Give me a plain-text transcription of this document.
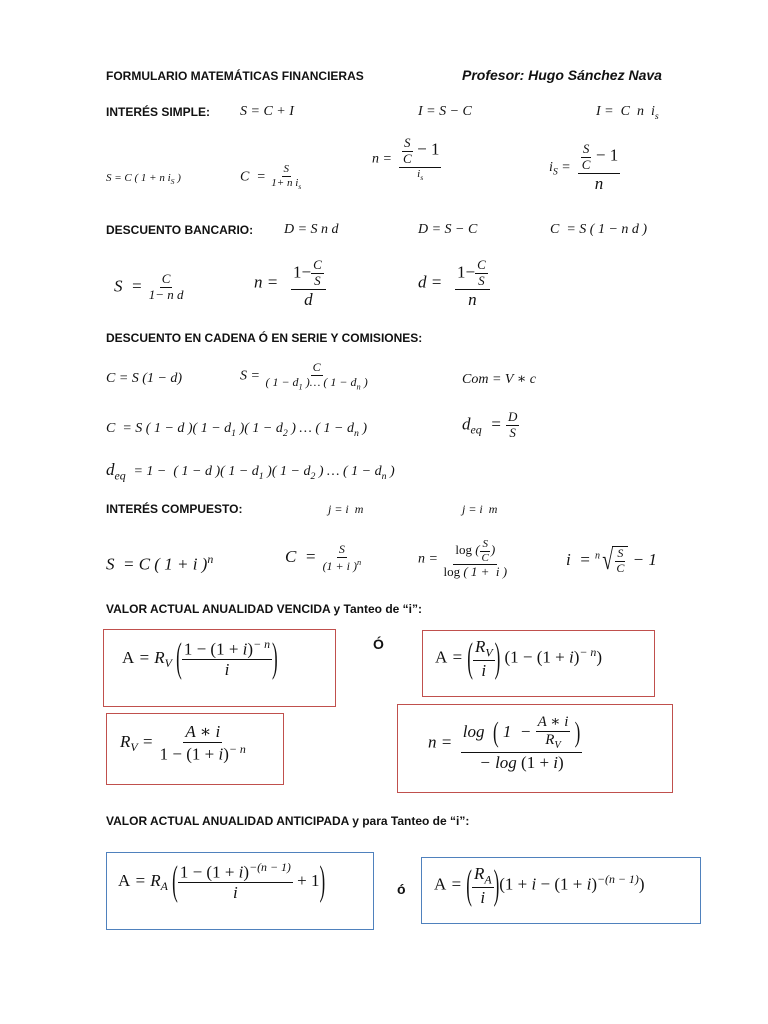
FORMULARIO MATEMÁTICAS FINANCIERAS	Profesor: Hugo Sánchez Nava
INTERÉS SIMPLE: S = C + I	I = S − C	I =  C  n  $i_s$
S = C ( 1 + n $i_S$ )	$C = \frac{S}{1+ n i_s}$
$n = \frac{\frac{S}{C} - 1}{i_s}$	$i_S = \frac{\frac{S}{C} - 1}{n}$
DESCUENTO BANCARIO: D = S n d	D = S − C	C  = S ( 1 − n d )
$S = \frac{C}{\text{1− n d}}$	$n = \frac{1- \frac{C}{S}}{d}$	$d = \frac{1- \frac{C}{S}}{n}$
DESCUENTO EN CADENA Ó EN SERIE Y COMISIONES:
C = S (1 − d)	$S = \frac{C}{( 1 - d_1 )\dots ( 1 - d_n )}$	Com = V ∗ c
C  = S ( 1 − d )( $1 - d_1$ )( $1 - d_2$ ) … ( $1 - d_n$ )	$d_{eq} = \frac{D}{S}$
$d_{eq} = 1$ −  ( 1 − d )( $1 - d_1$ )( $1 - d_2$ ) … ( $1 - d_n$ )
INTERÉS COMPUESTO:	j = i  m	j = i  m
S  = C ( 1 + i )$^n$	$C = \frac{S}{(1 + i )^n}$	$n = \frac{\log ( \frac{S}{C} )}{\log ( 1 + i )}$	i  = $^n$ √ $\frac{S}{C} - 1$
VALOR ACTUAL ANUALIDAD VENCIDA y Tanteo de “i”:
$A = R_V$ ( $\frac{1 - (1 + i)^{- n}}{i}$ )	Ó
A = ( $\frac{R_V}{i}$ ) $(1 - (1 + i)^{- n})$
$R_V = \frac{A ∗ i}{1 - (1 + i)^{- n}}$	$n = \frac{\log ( 1 - \frac{A ∗ i}{R_V} )}{- \log (1 + i)}$
VALOR ACTUAL ANUALIDAD ANTICIPADA y para Tanteo de “i”:
$A = R_A$ ( $\frac{1 - (1 + i)^{-(n - 1)}}{i} + 1$)	ó A = ( $\frac{R_A}{i} )(1 + i - (1 + i)^{-(n - 1)})$
